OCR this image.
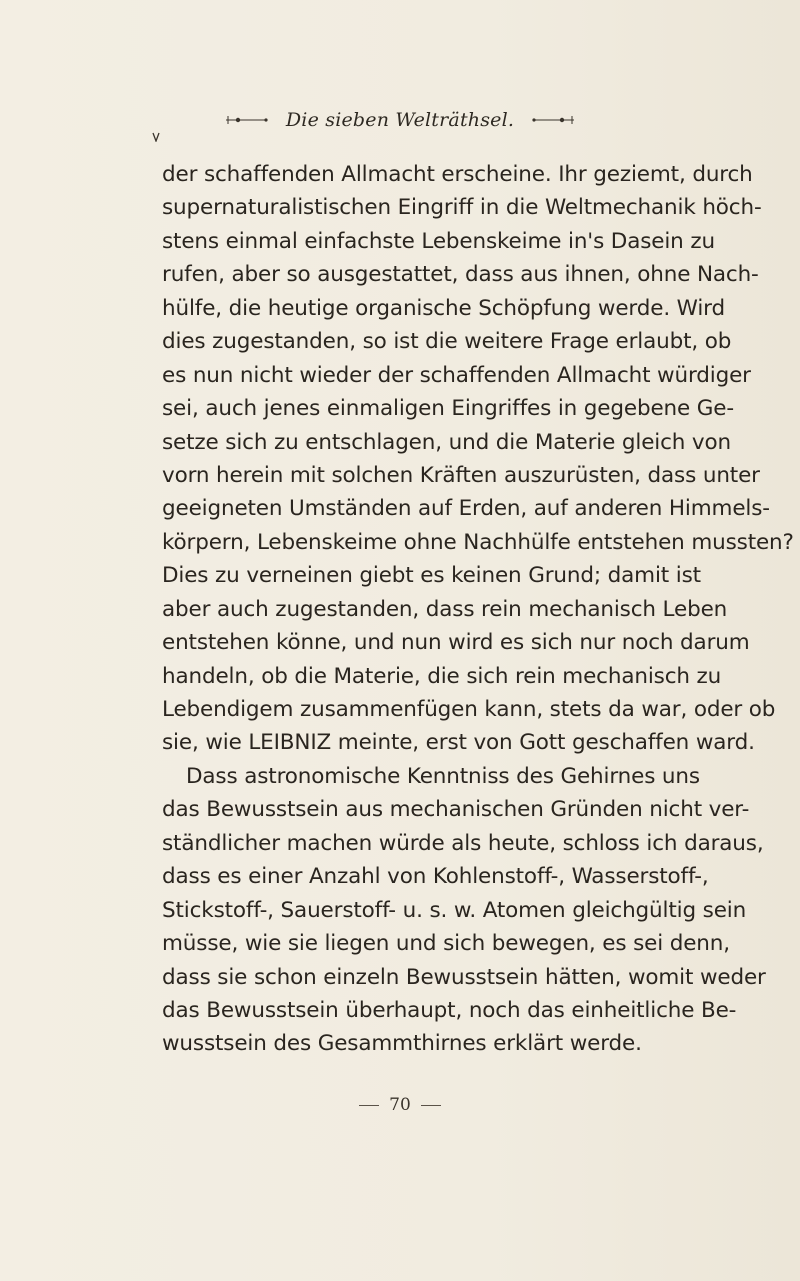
Die sieben Welträthsel.
der schaffenden Allmacht erscheine. Ihr geziemt, durch
supernaturalistischen Eingriff in die Weltmechanik höch-
stens einmal einfachste Lebenskeime in's Dasein zu
rufen, aber so ausgestattet, dass aus ihnen, ohne Nach-
hülfe, die heutige organische Schöpfung werde. Wird
dies zugestanden, so ist die weitere Frage erlaubt, ob
es nun nicht wieder der schaffenden Allmacht würdiger
sei, auch jenes einmaligen Eingriffes in gegebene Ge-
setze sich zu entschlagen, und die Materie gleich von
vorn herein mit solchen Kräften auszurüsten, dass unter
geeigneten Umständen auf Erden, auf anderen Himmels-
körpern, Lebenskeime ohne Nachhülfe entstehen mussten?
Dies zu verneinen giebt es keinen Grund; damit ist
aber auch zugestanden, dass rein mechanisch Leben
entstehen könne, und nun wird es sich nur noch darum
handeln, ob die Materie, die sich rein mechanisch zu
Lebendigem zusammenfügen kann, stets da war, oder ob
sie, wie LEIBNIZ meinte, erst von Gott geschaffen ward.
Dass astronomische Kenntniss des Gehirnes uns
das Bewusstsein aus mechanischen Gründen nicht ver-
ständlicher machen würde als heute, schloss ich daraus,
dass es einer Anzahl von Kohlenstoff-, Wasserstoff-,
Stickstoff-, Sauerstoff- u. s. w. Atomen gleichgültig sein
müsse, wie sie liegen und sich bewegen, es sei denn,
dass sie schon einzeln Bewusstsein hätten, womit weder
das Bewusstsein überhaupt, noch das einheitliche Be-
wusstsein des Gesammthirnes erklärt werde.
70
